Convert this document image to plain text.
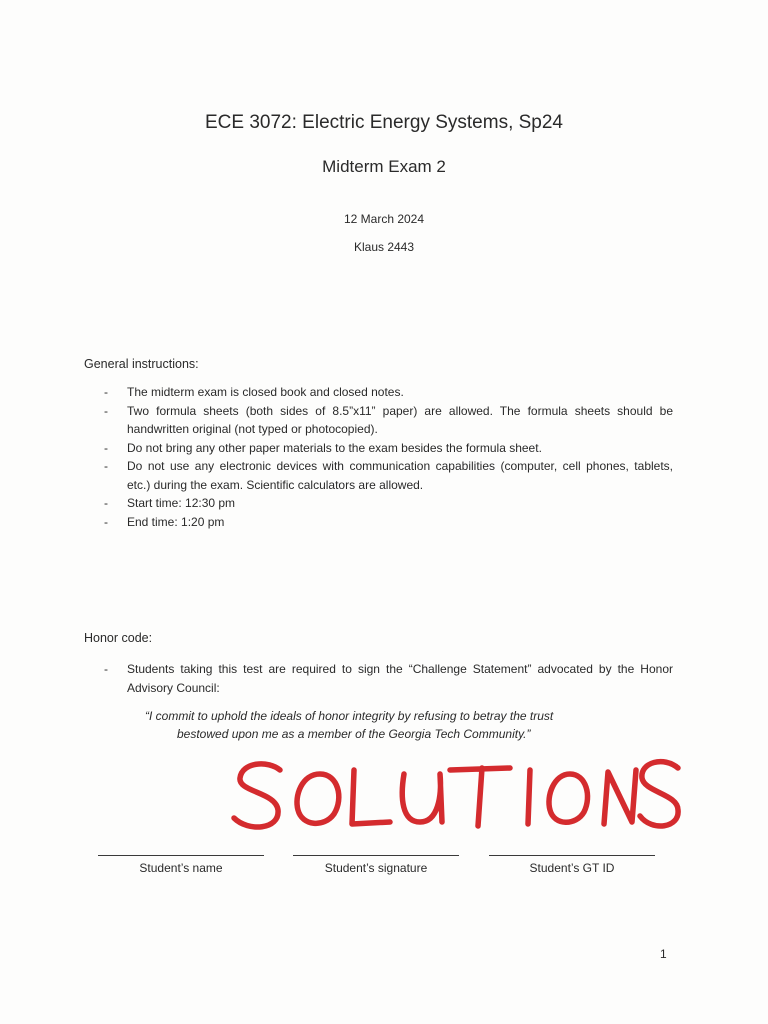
ECE 3072: Electric Energy Systems, Sp24
Midterm Exam 2
12 March 2024
Klaus 2443
General instructions:
- The midterm exam is closed book and closed notes.
- Two formula sheets (both sides of 8.5”x11” paper) are allowed. The formula sheets should be handwritten original (not typed or photocopied).
- Do not bring any other paper materials to the exam besides the formula sheet.
- Do not use any electronic devices with communication capabilities (computer, cell phones, tablets, etc.) during the exam. Scientific calculators are allowed.
- Start time: 12:30 pm
- End time: 1:20 pm
Honor code:
- Students taking this test are required to sign the “Challenge Statement” advocated by the Honor Advisory Council:
“I commit to uphold the ideals of honor integrity by refusing to betray the trust
bestowed upon me as a member of the Georgia Tech Community.”
Student’s name	Student’s signature	Student’s GT ID
1
